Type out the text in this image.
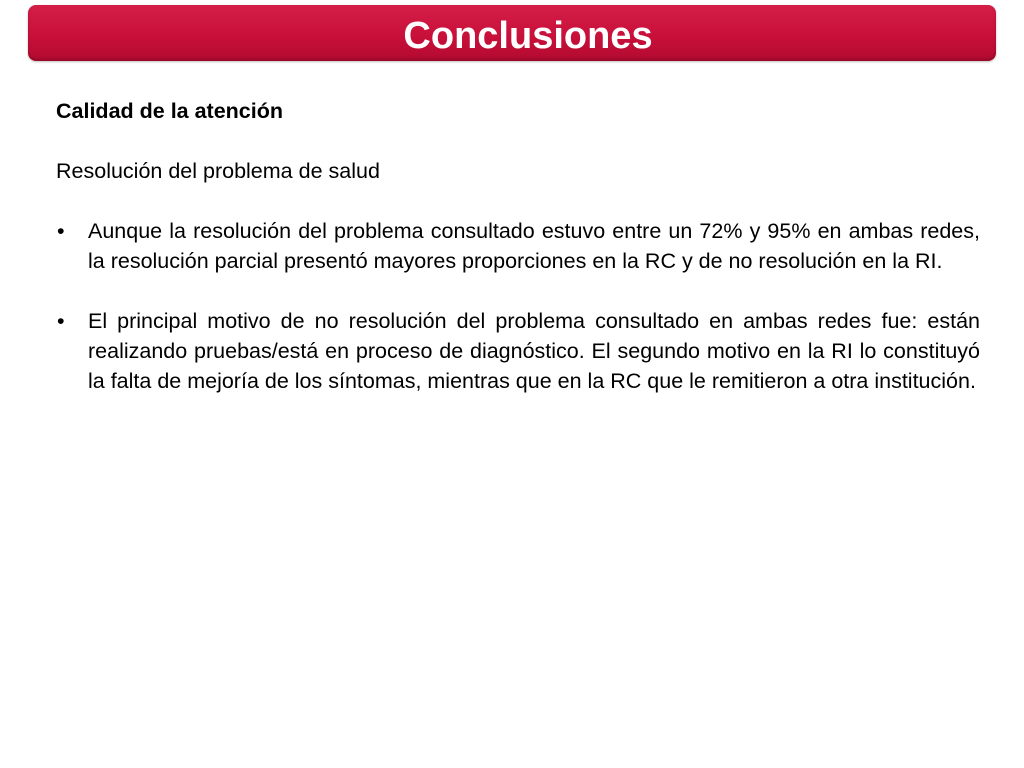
Conclusiones
Calidad de la atención
Resolución del problema de salud
• Aunque la resolución del problema consultado estuvo entre un 72% y 95% en ambas redes, la resolución parcial presentó mayores proporciones en la RC y de no resolución en la RI.
• El principal motivo de no resolución del problema consultado en ambas redes fue: están realizando pruebas/está en proceso de diagnóstico. El segundo motivo en la RI lo constituyó la falta de mejoría de los síntomas, mientras que en la RC que le remitieron a otra institución.
